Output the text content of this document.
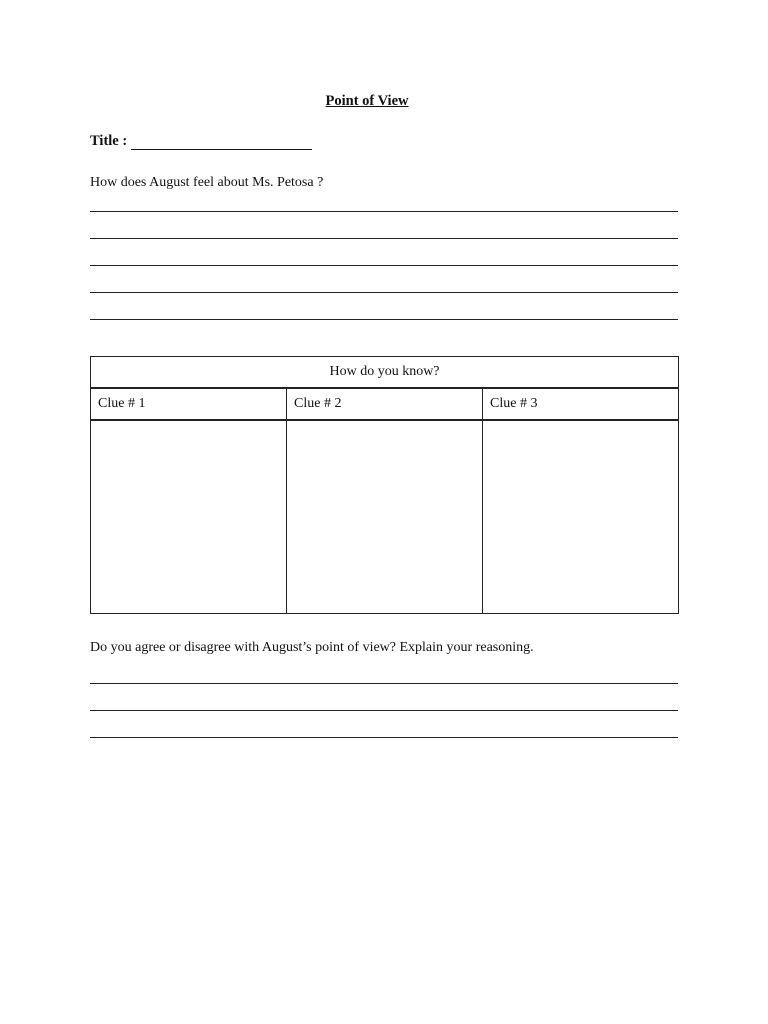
Point of View
Title :
How does August feel about Ms. Petosa ?
How do you know?		
Clue # 1	Clue # 2	Clue # 3

Do you agree or disagree with August’s point of view? Explain your reasoning.
